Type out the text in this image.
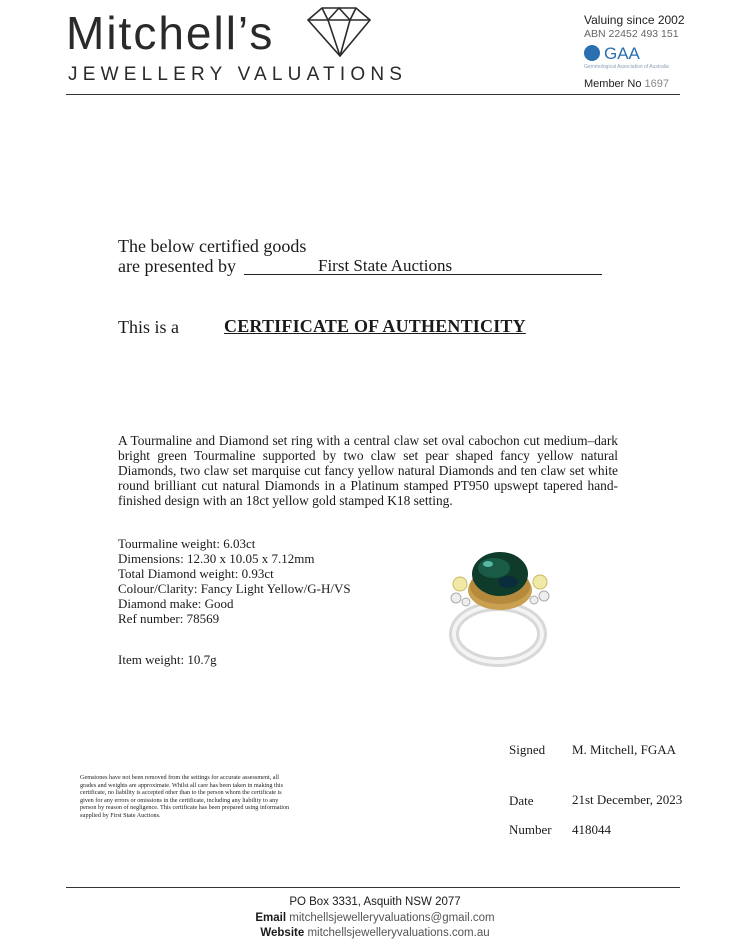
Mitchell’s
JEWELLERY VALUATIONS
Valuing since 2002
ABN 22452 493 151
GAA
Gemmological Association of Australia
Member No 1697
The below certified goods
are presented by	First State Auctions
This is a	CERTIFICATE OF AUTHENTICITY
A Tourmaline and Diamond set ring with a central claw set oval cabochon cut medium–dark bright green Tourmaline supported by two claw set pear shaped fancy yellow natural Diamonds, two claw set marquise cut fancy yellow natural Diamonds and ten claw set white round brilliant cut natural Diamonds in a Platinum stamped PT950 upswept tapered hand-finished design with an 18ct yellow gold stamped K18 setting.
Tourmaline weight: 6.03ct
Dimensions: 12.30 x 10.05 x 7.12mm
Total Diamond weight: 0.93ct
Colour/Clarity: Fancy Light Yellow/G-H/VS
Diamond make: Good
Ref number: 78569
Item weight: 10.7g
Signed M. Mitchell, FGAA
Date	21st December, 2023
Number 418044
Gemstones have not been removed from the settings for accurate assessment, all grades and weights are approximate. Whilst all care has been taken in making this certificate, no liability is accepted other than to the person whom the certificate is given for any errors or omissions in the certificate, including any liability to any person by reason of negligence. This certificate has been prepared using information supplied by First State Auctions.
PO Box 3331, Asquith NSW 2077
Email mitchellsjewelleryvaluations@gmail.com
Website mitchellsjewelleryvaluations.com.au
